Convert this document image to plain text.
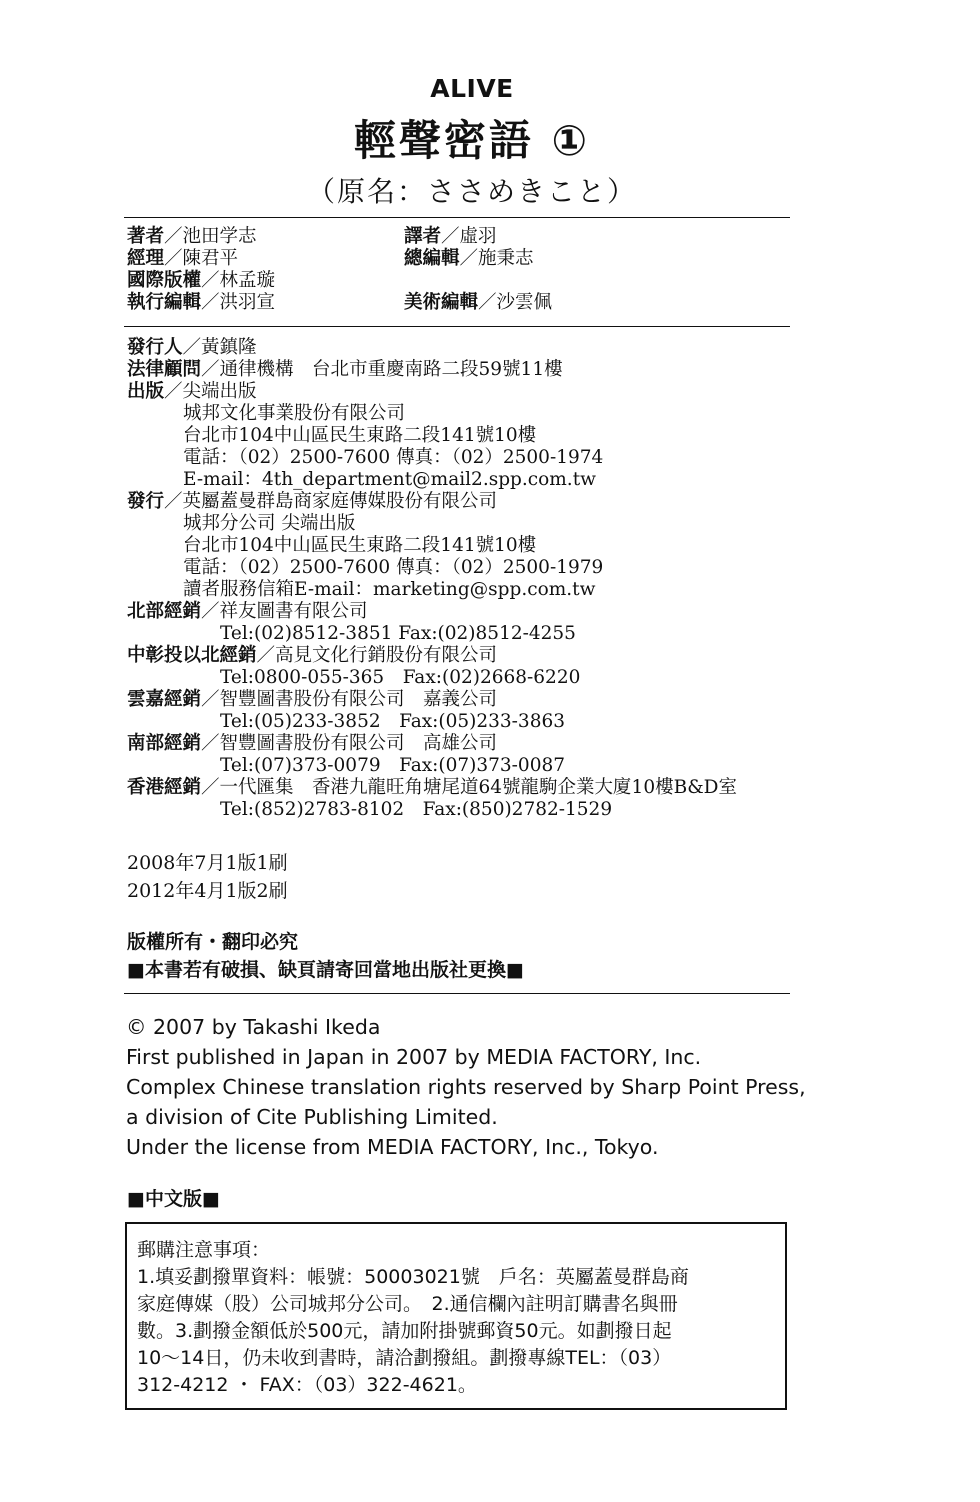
ALIVE
輕聲密語 ①
（原名：ささめきこと）
著者／池田学志	譯者／虛羽
經理／陳君平	總編輯／施秉志
國際版權／林孟璇
執行編輯／洪羽宣	美術編輯／沙雲佩
發行人／黃鎮隆
法律顧問／通律機構　台北市重慶南路二段59號11樓
出版／尖端出版
城邦文化事業股份有限公司
台北市104中山區民生東路二段141號10樓
電話：（02）2500-7600 傳真：（02）2500-1974
E-mail：4th_department@mail2.spp.com.tw
發行／英屬蓋曼群島商家庭傳媒股份有限公司
城邦分公司 尖端出版
台北市104中山區民生東路二段141號10樓
電話：（02）2500-7600 傳真：（02）2500-1979
讀者服務信箱E-mail：marketing@spp.com.tw
北部經銷／祥友圖書有限公司
Tel:(02)8512-3851 Fax:(02)8512-4255
中彰投以北經銷／高見文化行銷股份有限公司
Tel:0800-055-365　Fax:(02)2668-6220
雲嘉經銷／智豐圖書股份有限公司　嘉義公司
Tel:(05)233-3852　Fax:(05)233-3863
南部經銷／智豐圖書股份有限公司　高雄公司
Tel:(07)373-0079　Fax:(07)373-0087
香港經銷／一代匯集　香港九龍旺角塘尾道64號龍駒企業大廈10樓B&D室
Tel:(852)2783-8102　Fax:(850)2782-1529
2008年7月1版1刷
2012年4月1版2刷
版權所有・翻印必究
■本書若有破損、缺頁請寄回當地出版社更換■
© 2007 by Takashi Ikeda
First published in Japan in 2007 by MEDIA FACTORY, Inc.
Complex Chinese translation rights reserved by Sharp Point Press,
a division of Cite Publishing Limited.
Under the license from MEDIA FACTORY, Inc., Tokyo.
■中文版■
郵購注意事項：
1.填妥劃撥單資料：帳號：50003021號　戶名：英屬蓋曼群島商
家庭傳媒（股）公司城邦分公司。　2.通信欄內註明訂購書名與冊
數。3.劃撥金額低於500元，請加附掛號郵資50元。如劃撥日起
10～14日，仍未收到書時，請洽劃撥組。劃撥專線TEL：（03）
312-4212 ・ FAX：（03）322-4621。
